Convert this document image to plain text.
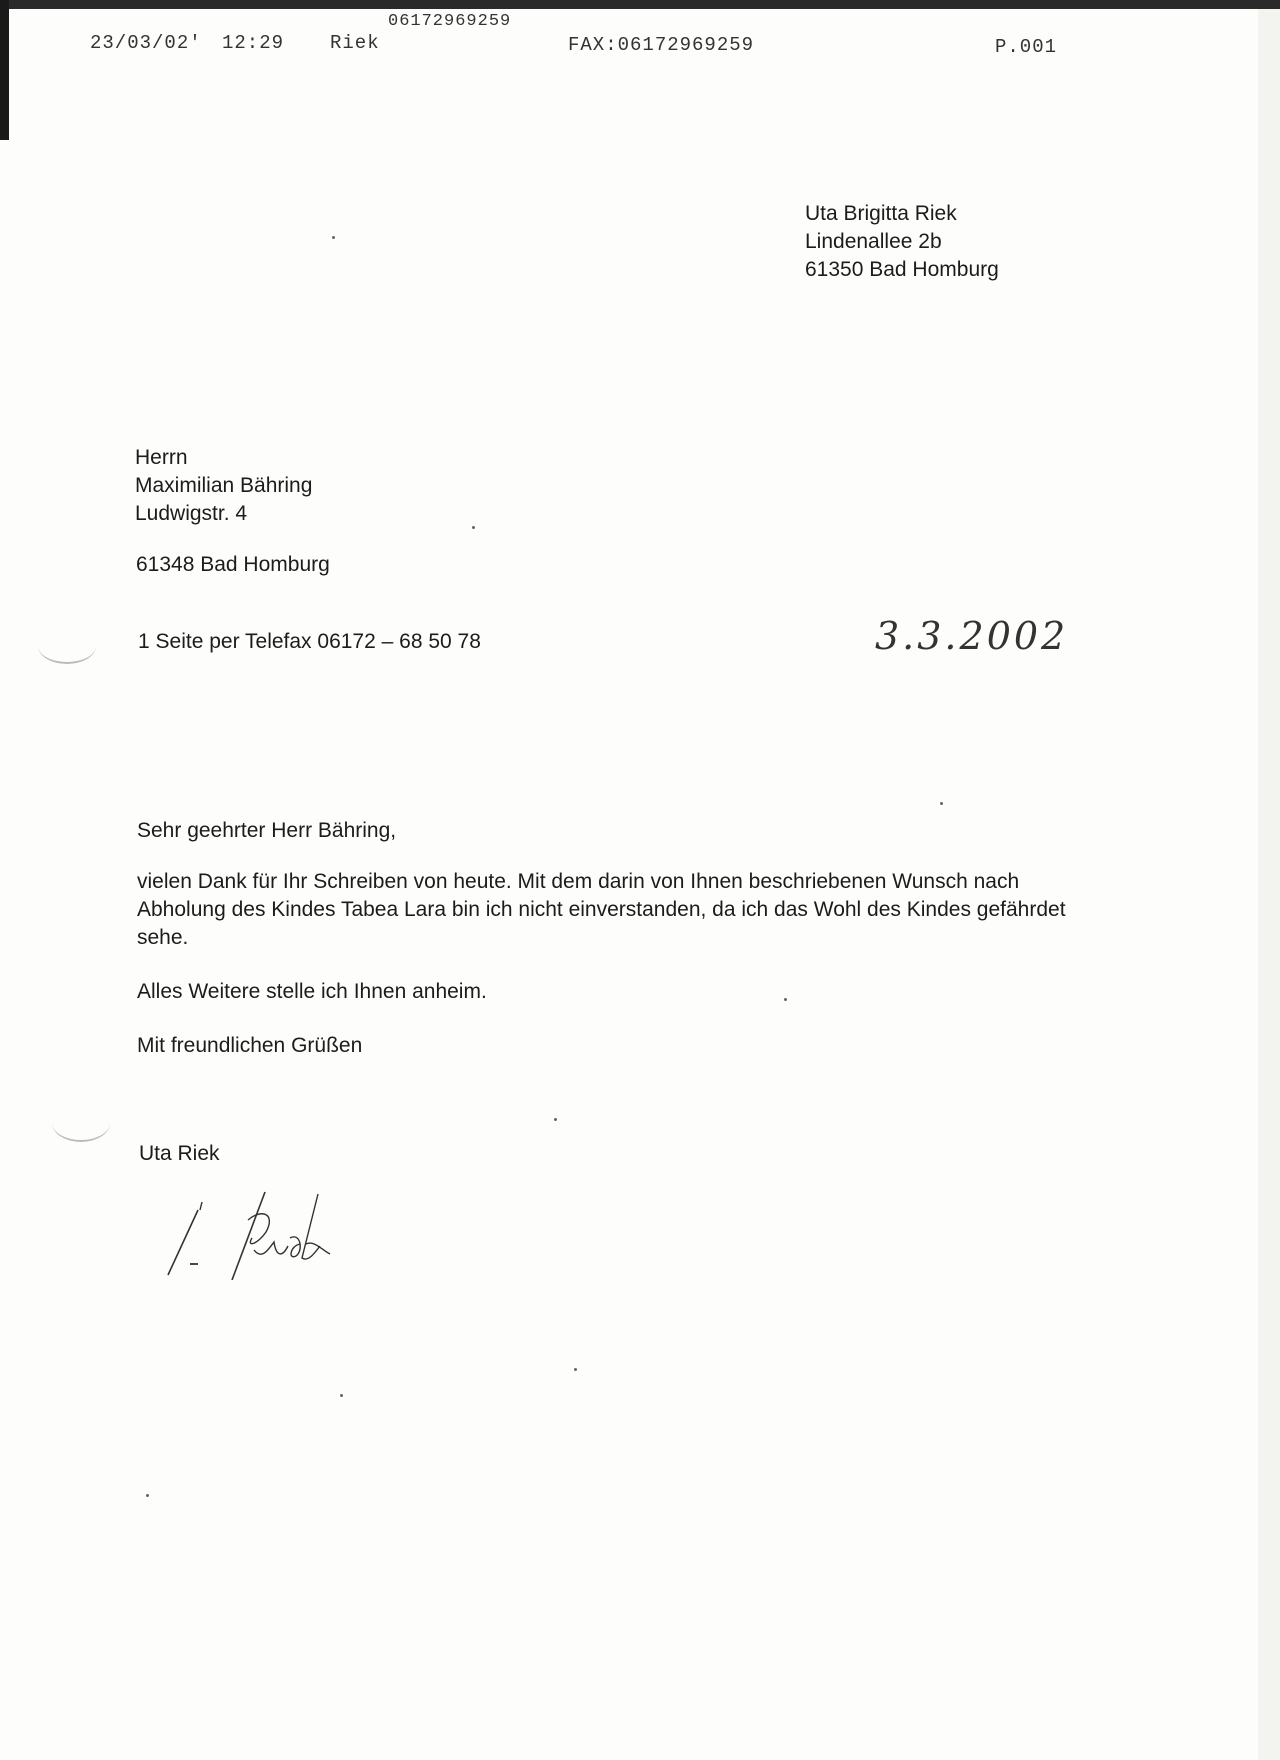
23/03/02' 12:29 Riek
06172969259
FAX:06172969259	P.001
Uta Brigitta Riek
Lindenallee 2b
61350 Bad Homburg
Herrn
Maximilian Bähring
Ludwigstr. 4
61348 Bad Homburg
1 Seite per Telefax 06172 – 68 50 78	3.3.2002
Sehr geehrter Herr Bähring,
vielen Dank für Ihr Schreiben von heute. Mit dem darin von Ihnen beschriebenen Wunsch nach Abholung des Kindes Tabea Lara bin ich nicht einverstanden, da ich das Wohl des Kindes gefährdet sehe.
Alles Weitere stelle ich Ihnen anheim.
Mit freundlichen Grüßen
Uta Riek
